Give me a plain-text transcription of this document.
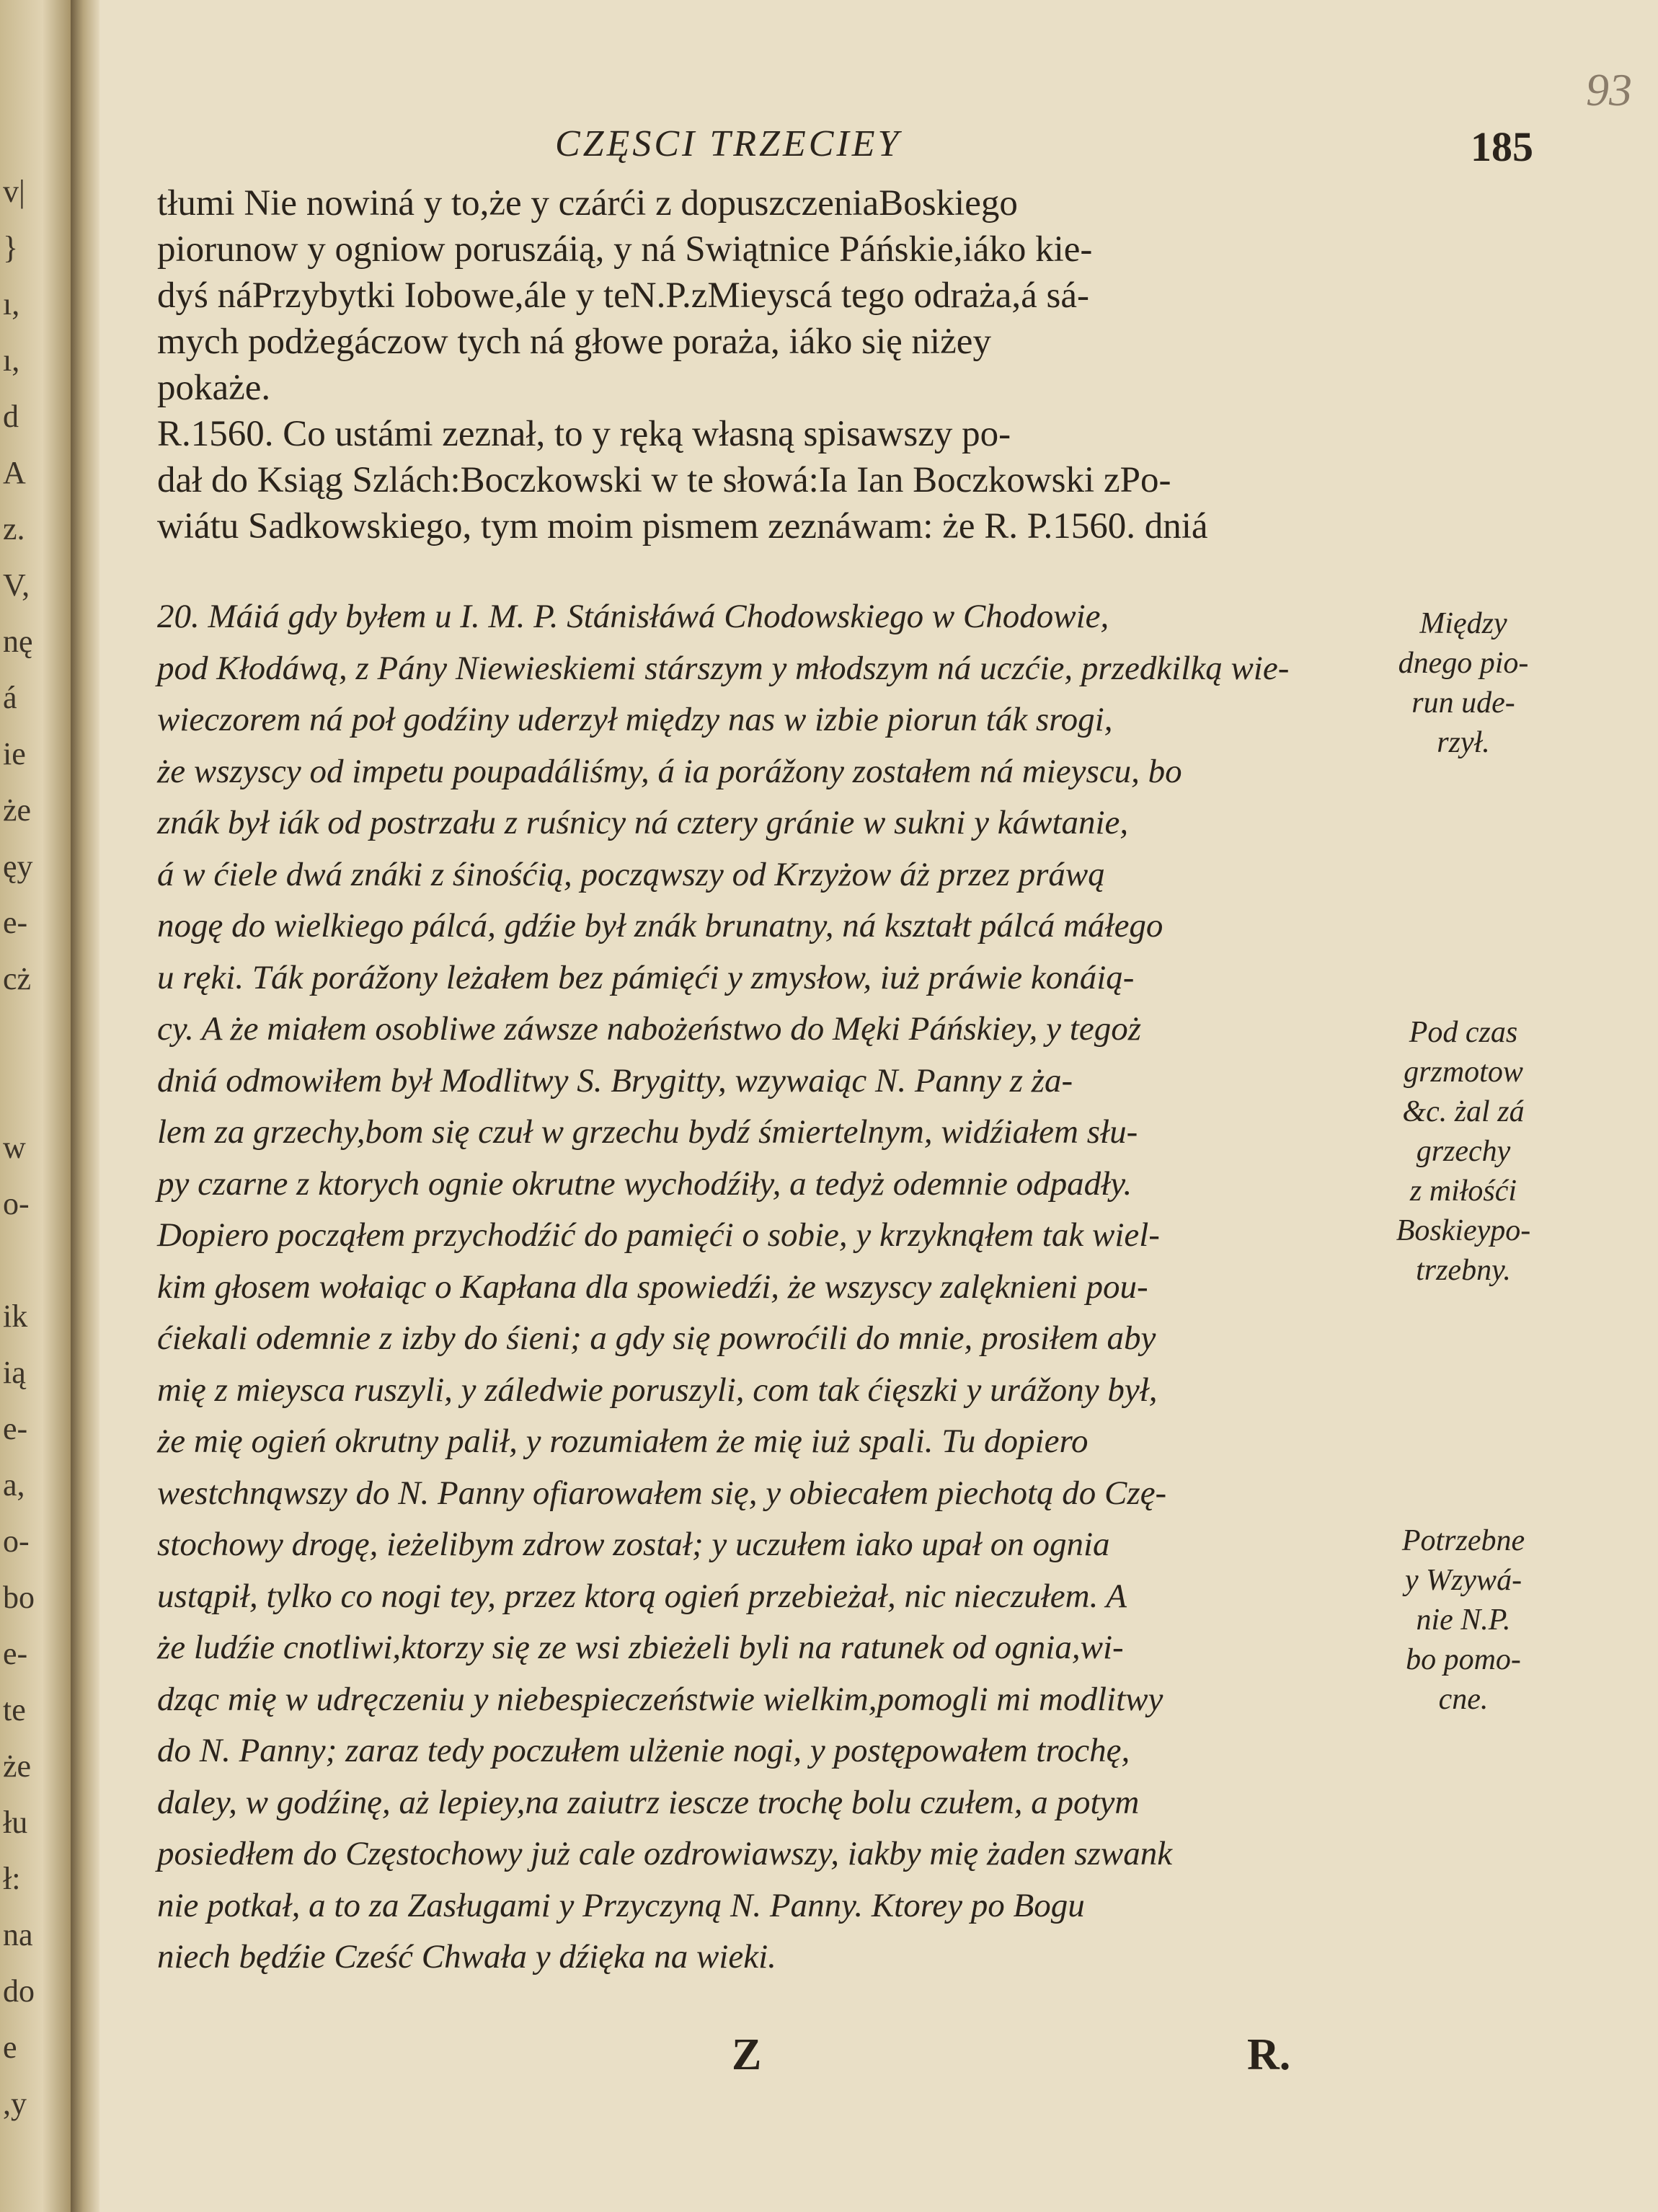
v|
}
ı,
ı,
d
A
z.
V,
nę
á
ie
że
ęy
e-
cż
w
o-
ik
ią
e-
a,
o-
bo
e-
te
że
łu
ł:
na
do
e
,y
93
CZĘSCI TRZECIEY	185
tłumi Nie nowiná y to,że y czárći z dopuszczeniaBoskiego
piorunow y ogniow poruszáią, y ná Swiątnice Páńskie,iáko kie-
dyś náPrzybytki Iobowe,ále y teN.P.zMieyscá tego odraża,á sá-
mych podżegáczow tych ná głowe poraża, iáko się niżey
pokaże.
R.1560. Co ustámi zeznał, to y ręką własną spisawszy po-
dał do Ksiąg Szlách:Boczkowski w te słowá:Ia Ian Boczkowski zPo-
wiátu Sadkowskiego, tym moim pismem zeznáwam: że R. P.1560. dniá
20. Máiá gdy byłem u I. M. P. Stánisłáwá Chodowskiego w Chodowie,
pod Kłodáwą, z Pány Niewieskiemi stárszym y młodszym ná uczćie, przedkilką wie-
wieczorem ná poł godźiny uderzył między nas w izbie piorun ták srogi,
że wszyscy od impetu poupadáliśmy, á ia porážony zostałem ná mieyscu, bo
znák był iák od postrzału z ruśnicy ná cztery gránie w sukni y káwtanie,
á w ćiele dwá znáki z śinośćią, począwszy od Krzyżow áż przez práwą
nogę do wielkiego pálcá, gdźie był znák brunatny, ná kształt pálcá máłego
u ręki. Ták porážony leżałem bez pámięći y zmysłow, iuż práwie konáią-
cy. A że miałem osobliwe záwsze nabożeństwo do Męki Páńskiey, y tegoż
dniá odmowiłem był Modlitwy S. Brygitty, wzywaiąc N. Panny z ża-
lem za grzechy,bom się czuł w grzechu bydź śmiertelnym, widźiałem słu-
py czarne z ktorych ognie okrutne wychodźiły, a tedyż odemnie odpadły.
Dopiero począłem przychodźić do pamięći o sobie, y krzyknąłem tak wiel-
kim głosem wołaiąc o Kapłana dla spowiedźi, że wszyscy zalęknieni pou-
ćiekali odemnie z izby do śieni; a gdy się powroćili do mnie, prosiłem aby
mię z mieysca ruszyli, y záledwie poruszyli, com tak ćięszki y urážony był,
że mię ogień okrutny palił, y rozumiałem że mię iuż spali. Tu dopiero
westchnąwszy do N. Panny ofiarowałem się, y obiecałem piechotą do Czę-
stochowy drogę, ieżelibym zdrow został; y uczułem iako upał on ognia
ustąpił, tylko co nogi tey, przez ktorą ogień przebieżał, nic nieczułem. A
że ludźie cnotliwi,ktorzy się ze wsi zbieżeli byli na ratunek od ognia,wi-
dząc mię w udręczeniu y niebespieczeństwie wielkim,pomogli mi modlitwy
do N. Panny; zaraz tedy poczułem ulżenie nogi, y postępowałem trochę,
daley, w godźinę, aż lepiey,na zaiutrz iescze trochę bolu czułem, a potym
posiedłem do Częstochowy już cale ozdrowiawszy, iakby mię żaden szwank
nie potkał, a to za Zasługami y Przyczyną N. Panny. Ktorey po Bogu
niech będźie Cześć Chwała y dźięka na wieki.
Między
dnego pio-
run ude-
rzył.
Pod czas
grzmotow
&c. żal zá
grzechy
z miłośći
Boskieypo-
trzebny.
Potrzebne
y Wzywá-
nie N.P.
bo pomo-
cne.
Z	R.
